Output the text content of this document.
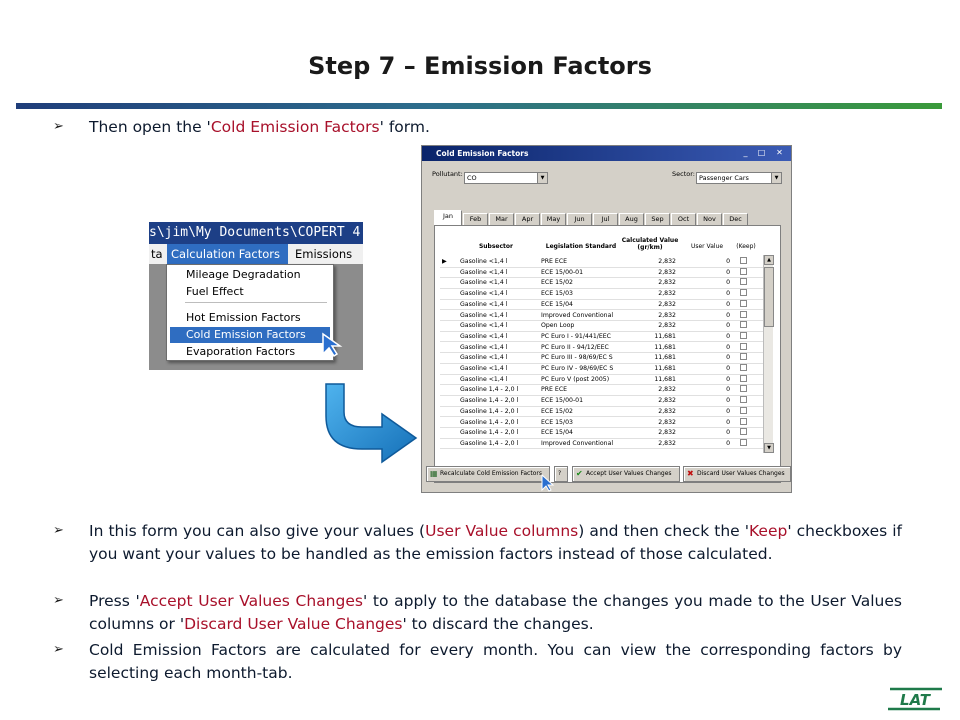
Step 7 – Emission Factors
➢ Then open the 'Cold Emission Factors' form.
s\jim\My Documents\COPERT 4
ta Calculation Factors	Emissions
Mileage Degradation
Fuel Effect
Hot Emission Factors
Cold Emission Factors
Evaporation Factors
Cold Emission Factors	_	□ ✕
Pollutant: CO	▼	Sector: Passenger Cars	▼
Subsector	Legislation Standard
Calculated Value (gr/km)	User Value	(Keep)
▶ Gasoline <1,4 l	PRE ECE	2,832	0
Gasoline <1,4 l	ECE 15/00-01	2,832	0
Gasoline <1,4 l	ECE 15/02	2,832	0
Gasoline <1,4 l	ECE 15/03	2,832	0
Gasoline <1,4 l	ECE 15/04	2,832	0
Gasoline <1,4 l	Improved Conventional	2,832	0
Gasoline <1,4 l	Open Loop	2,832	0
Gasoline <1,4 l	PC Euro I - 91/441/EEC	11,681	0
Gasoline <1,4 l	PC Euro II - 94/12/EEC	11,681	0
Gasoline <1,4 l	PC Euro III - 98/69/EC S	11,681	0
Gasoline <1,4 l	PC Euro IV - 98/69/EC S	11,681	0
Gasoline <1,4 l	PC Euro V (post 2005)	11,681	0
Gasoline 1,4 - 2,0 l	PRE ECE	2,832	0
Gasoline 1,4 - 2,0 l	ECE 15/00-01	2,832	0
Gasoline 1,4 - 2,0 l	ECE 15/02	2,832	0
Gasoline 1,4 - 2,0 l	ECE 15/03	2,832	0
Gasoline 1,4 - 2,0 l	ECE 15/04	2,832	0
Gasoline 1,4 - 2,0 l	Improved Conventional	2,832	0
▲
▼
▦ Recalculate Cold Emission Factors	?	✔ Accept User Values Changes	✖ Discard User Values Changes
Jan	Feb	Mar	Apr	May	Jun	Jul	Aug	Sep	Oct	Nov	Dec
➢ In this form you can also give your values (User Value columns) and then check the 'Keep' checkboxes if you want your values to be handled as the emission factors instead of those calculated.
➢ Press 'Accept User Values Changes' to apply to the database the changes you made to the User Values columns or 'Discard User Value Changes' to discard the changes.
➢ Cold Emission Factors are calculated for every month. You can view the corresponding factors by selecting each month-tab.
LAT
